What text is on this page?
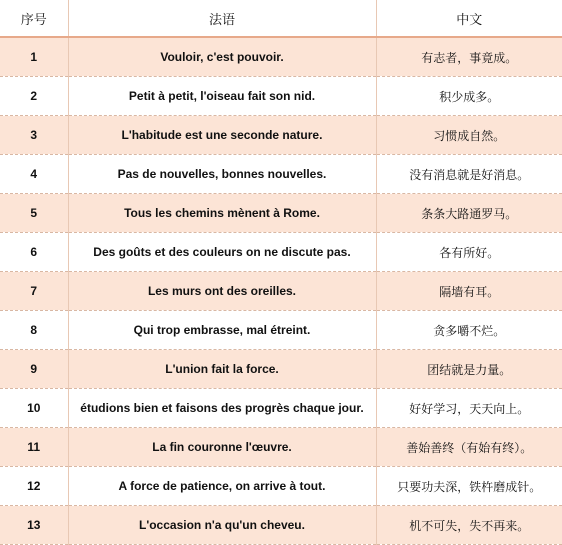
序号	法语	中文
1	Vouloir, c'est pouvoir.	有志者，事竟成。
2	Petit à petit, l'oiseau fait son nid.	积少成多。
3	L'habitude est une seconde nature.	习惯成自然。
4	Pas de nouvelles, bonnes nouvelles.	没有消息就是好消息。
5	Tous les chemins mènent à Rome.	条条大路通罗马。
6	Des goûts et des couleurs on ne discute pas.	各有所好。
7	Les murs ont des oreilles.	隔墙有耳。
8	Qui trop embrasse, mal étreint.	贪多嚼不烂。
9	L'union fait la force.	团结就是力量。
10	étudions bien et faisons des progrès chaque jour.	好好学习，天天向上。
11	La fin couronne l'œuvre.	善始善终（有始有终）。
12	A force de patience, on arrive à tout.	只要功夫深，铁杵磨成针。
13	L'occasion n'a qu'un cheveu.	机不可失，失不再来。
